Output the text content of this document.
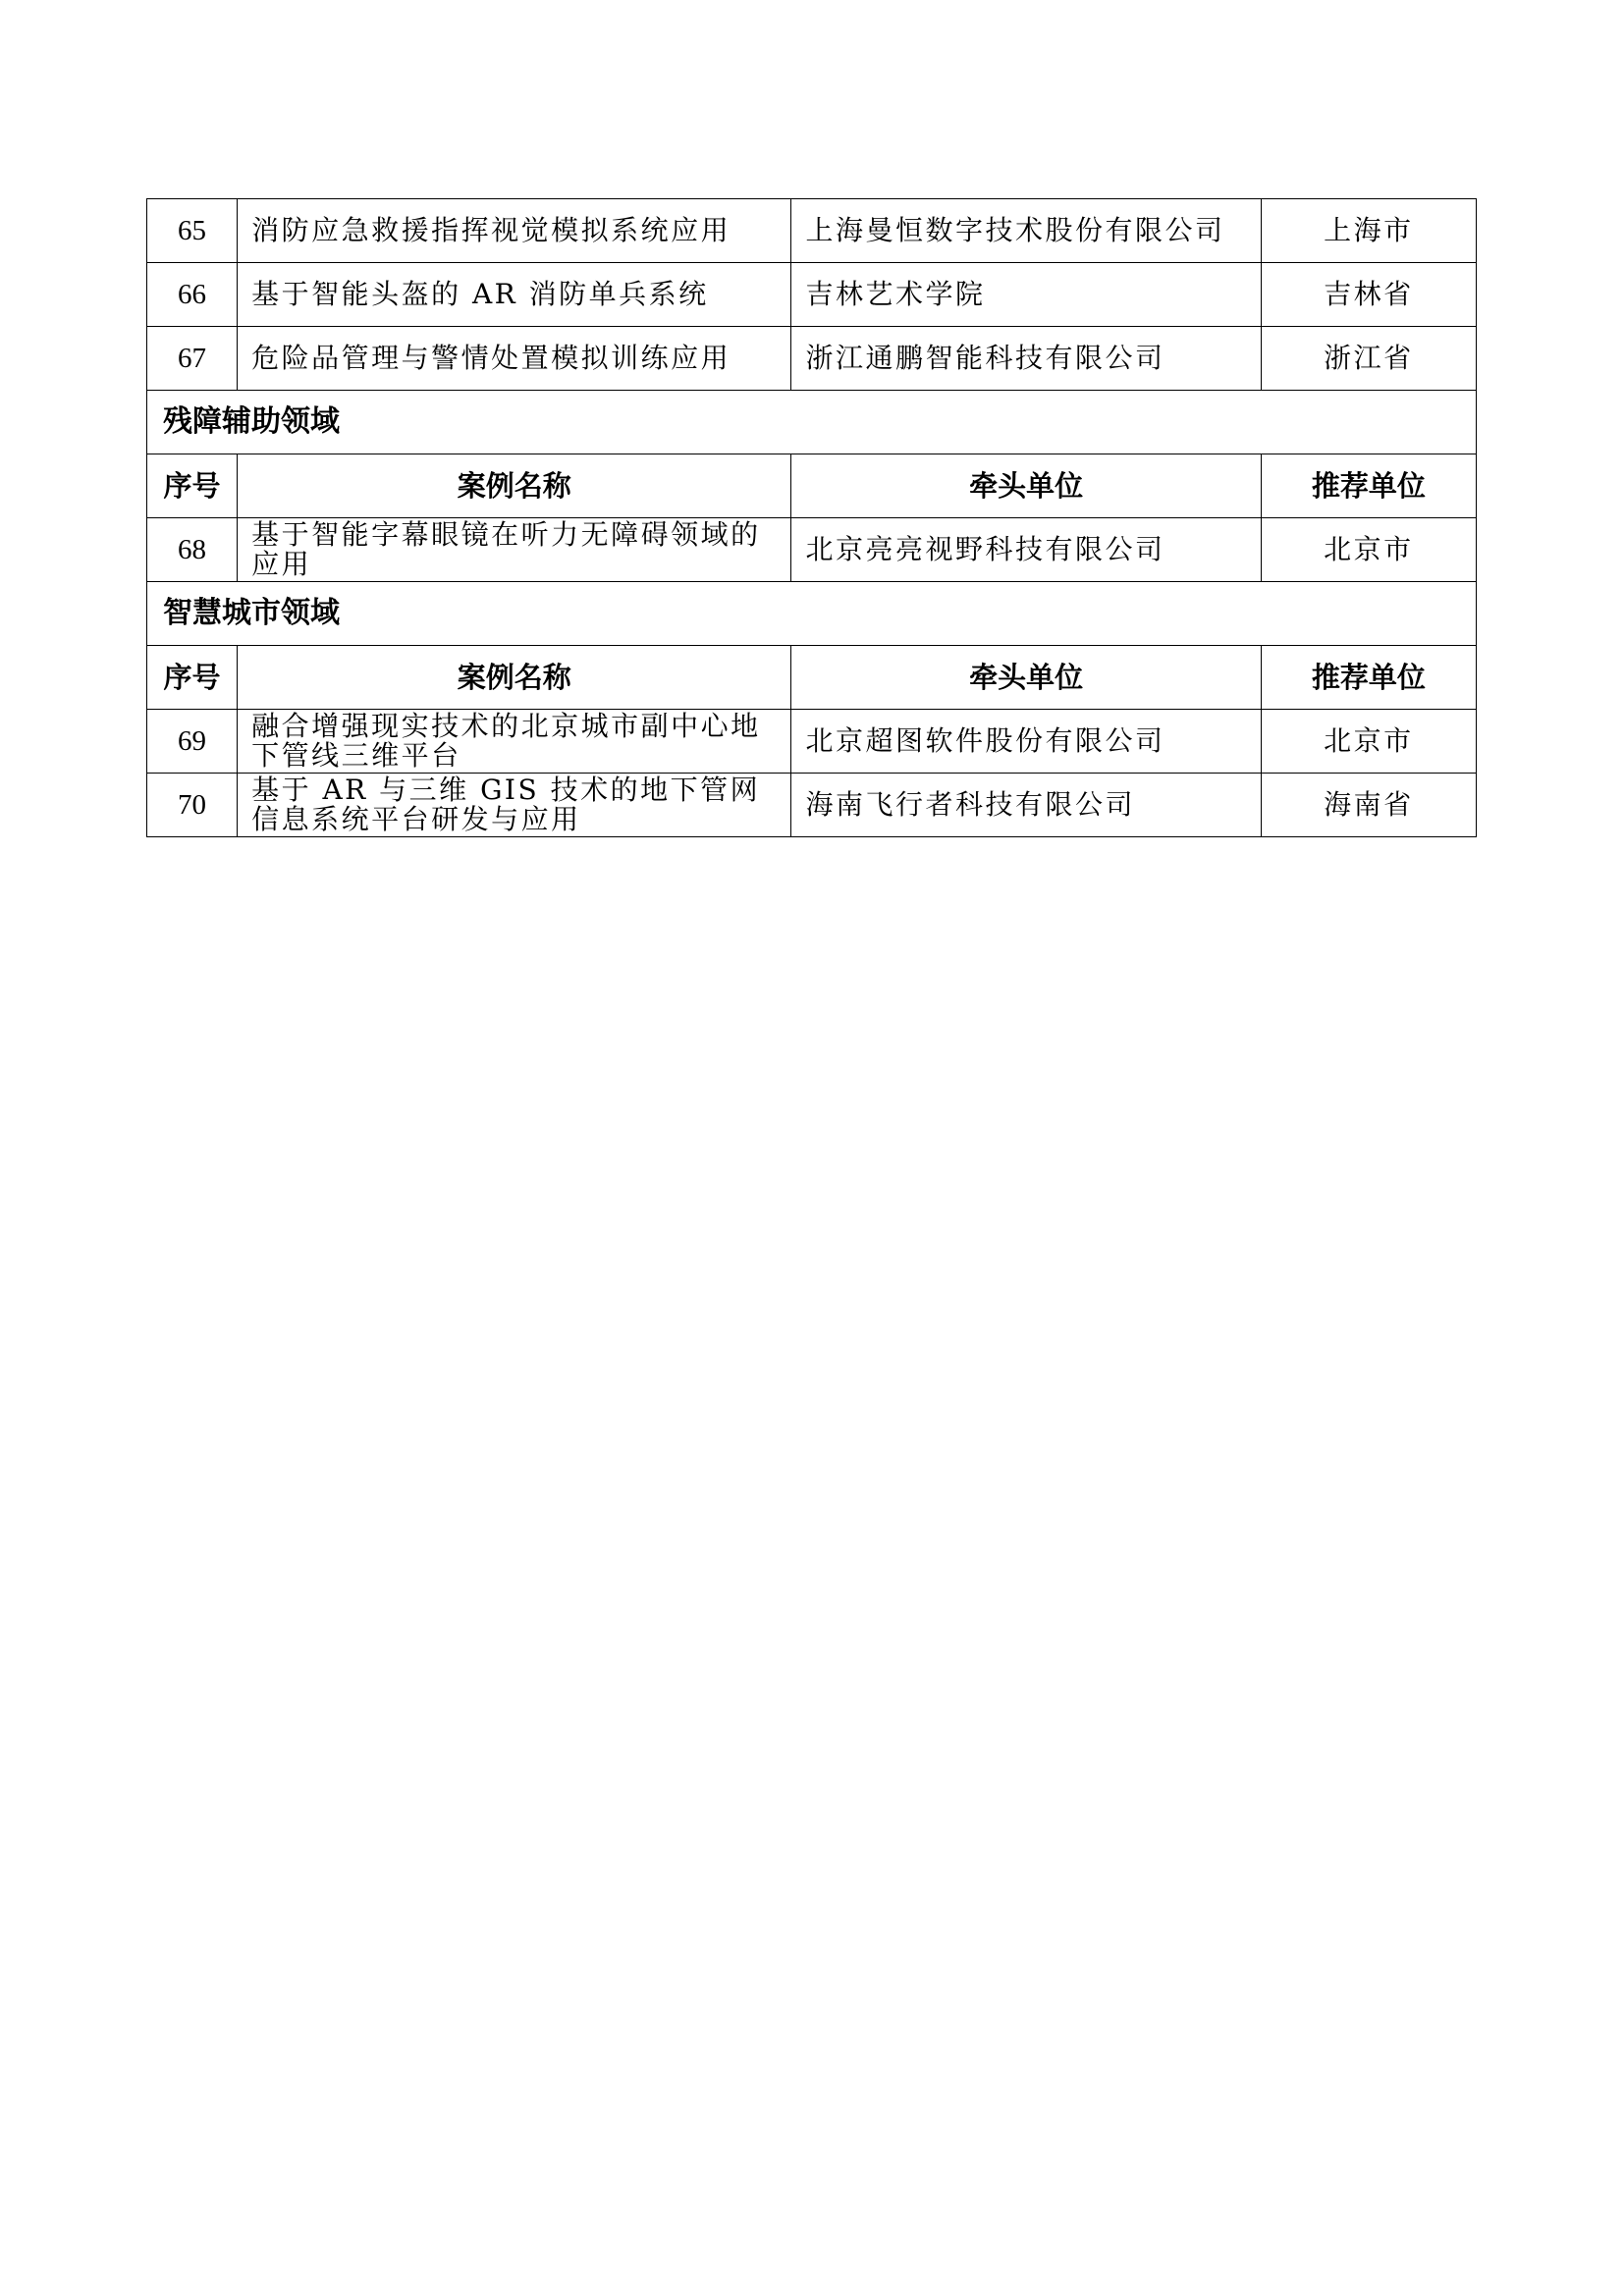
65	消防应急救援指挥视觉模拟系统应用	上海曼恒数字技术股份有限公司	上海市
66	基于智能头盔的 AR 消防单兵系统	吉林艺术学院	吉林省
67	危险品管理与警情处置模拟训练应用	浙江通鹏智能科技有限公司	浙江省
残障辅助领域			
序号	案例名称	牵头单位	推荐单位
68	基于智能字幕眼镜在听力无障碍领域的应用	北京亮亮视野科技有限公司	北京市
智慧城市领域			
序号	案例名称	牵头单位	推荐单位
69	融合增强现实技术的北京城市副中心地下管线三维平台	北京超图软件股份有限公司	北京市
70	基于 AR 与三维 GIS 技术的地下管网信息系统平台研发与应用	海南飞行者科技有限公司	海南省
